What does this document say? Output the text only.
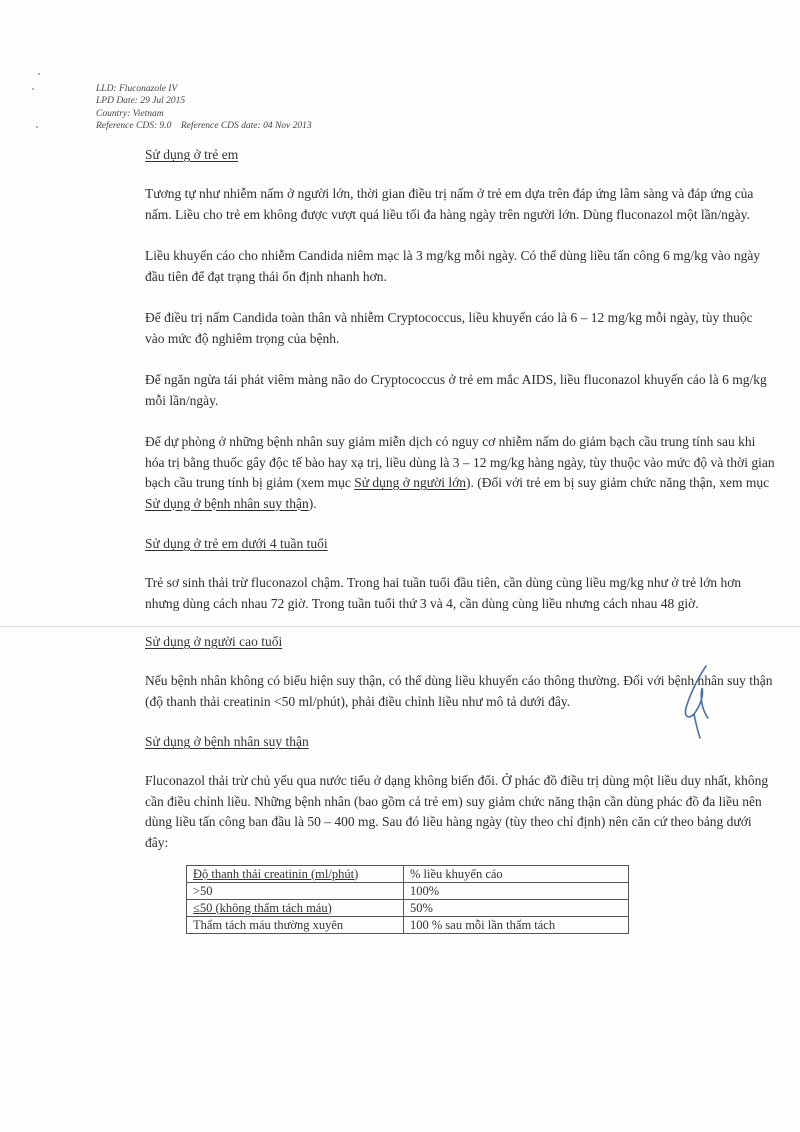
LLD: Fluconazole IV
LPD Date: 29 Jul 2015
Country: Vietnam
Reference CDS: 9.0    Reference CDS date: 04 Nov 2013
Sử dụng ở trẻ em

Tương tự như nhiễm nấm ở người lớn, thời gian điều trị nấm ở trẻ em dựa trên đáp ứng lâm sàng và đáp ứng của nấm. Liều cho trẻ em không được vượt quá liều tối đa hàng ngày trên người lớn. Dùng fluconazol một lần/ngày.

Liều khuyến cáo cho nhiễm Candida niêm mạc là 3 mg/kg mỗi ngày. Có thể dùng liều tấn công 6 mg/kg vào ngày đầu tiên để đạt trạng thái ổn định nhanh hơn.

Để điều trị nấm Candida toàn thân và nhiễm Cryptococcus, liều khuyến cáo là 6 – 12 mg/kg mỗi ngày, tùy thuộc vào mức độ nghiêm trọng của bệnh.

Để ngăn ngừa tái phát viêm màng não do Cryptococcus ở trẻ em mắc AIDS, liều fluconazol khuyến cáo là 6 mg/kg mỗi lần/ngày.

Để dự phòng ở những bệnh nhân suy giảm miễn dịch có nguy cơ nhiễm nấm do giảm bạch cầu trung tính sau khi hóa trị bằng thuốc gây độc tế bào hay xạ trị, liều dùng là 3 – 12 mg/kg hàng ngày, tùy thuộc vào mức độ và thời gian bạch cầu trung tính bị giảm (xem mục Sử dụng ở người lớn). (Đối với trẻ em bị suy giảm chức năng thận, xem mục Sử dụng ở bệnh nhân suy thận).

Sử dụng ở trẻ em dưới 4 tuần tuổi

Trẻ sơ sinh thải trừ fluconazol chậm. Trong hai tuần tuổi đầu tiên, cần dùng cùng liều mg/kg như ở trẻ lớn hơn nhưng dùng cách nhau 72 giờ. Trong tuần tuổi thứ 3 và 4, cần dùng cùng liều nhưng cách nhau 48 giờ.

Sử dụng ở người cao tuổi

Nếu bệnh nhân không có biểu hiện suy thận, có thể dùng liều khuyến cáo thông thường. Đối với bệnh nhân suy thận (độ thanh thải creatinin <50 ml/phút), phải điều chỉnh liều như mô tả dưới đây.

Sử dụng ở bệnh nhân suy thận

Fluconazol thải trừ chủ yếu qua nước tiểu ở dạng không biến đổi. Ở phác đồ điều trị dùng một liều duy nhất, không cần điều chỉnh liều. Những bệnh nhân (bao gồm cả trẻ em) suy giảm chức năng thận cần dùng phác đồ đa liều nên dùng liều tấn công ban đầu là 50 – 400 mg. Sau đó liều hàng ngày (tùy theo chỉ định) nên căn cứ theo bảng dưới đây:

Độ thanh thải creatinin (ml/phút)	% liều khuyến cáo
>50	100%
≤50 (không thẩm tách máu)	50%
Thẩm tách máu thường xuyên	100 % sau mỗi lần thẩm tách
